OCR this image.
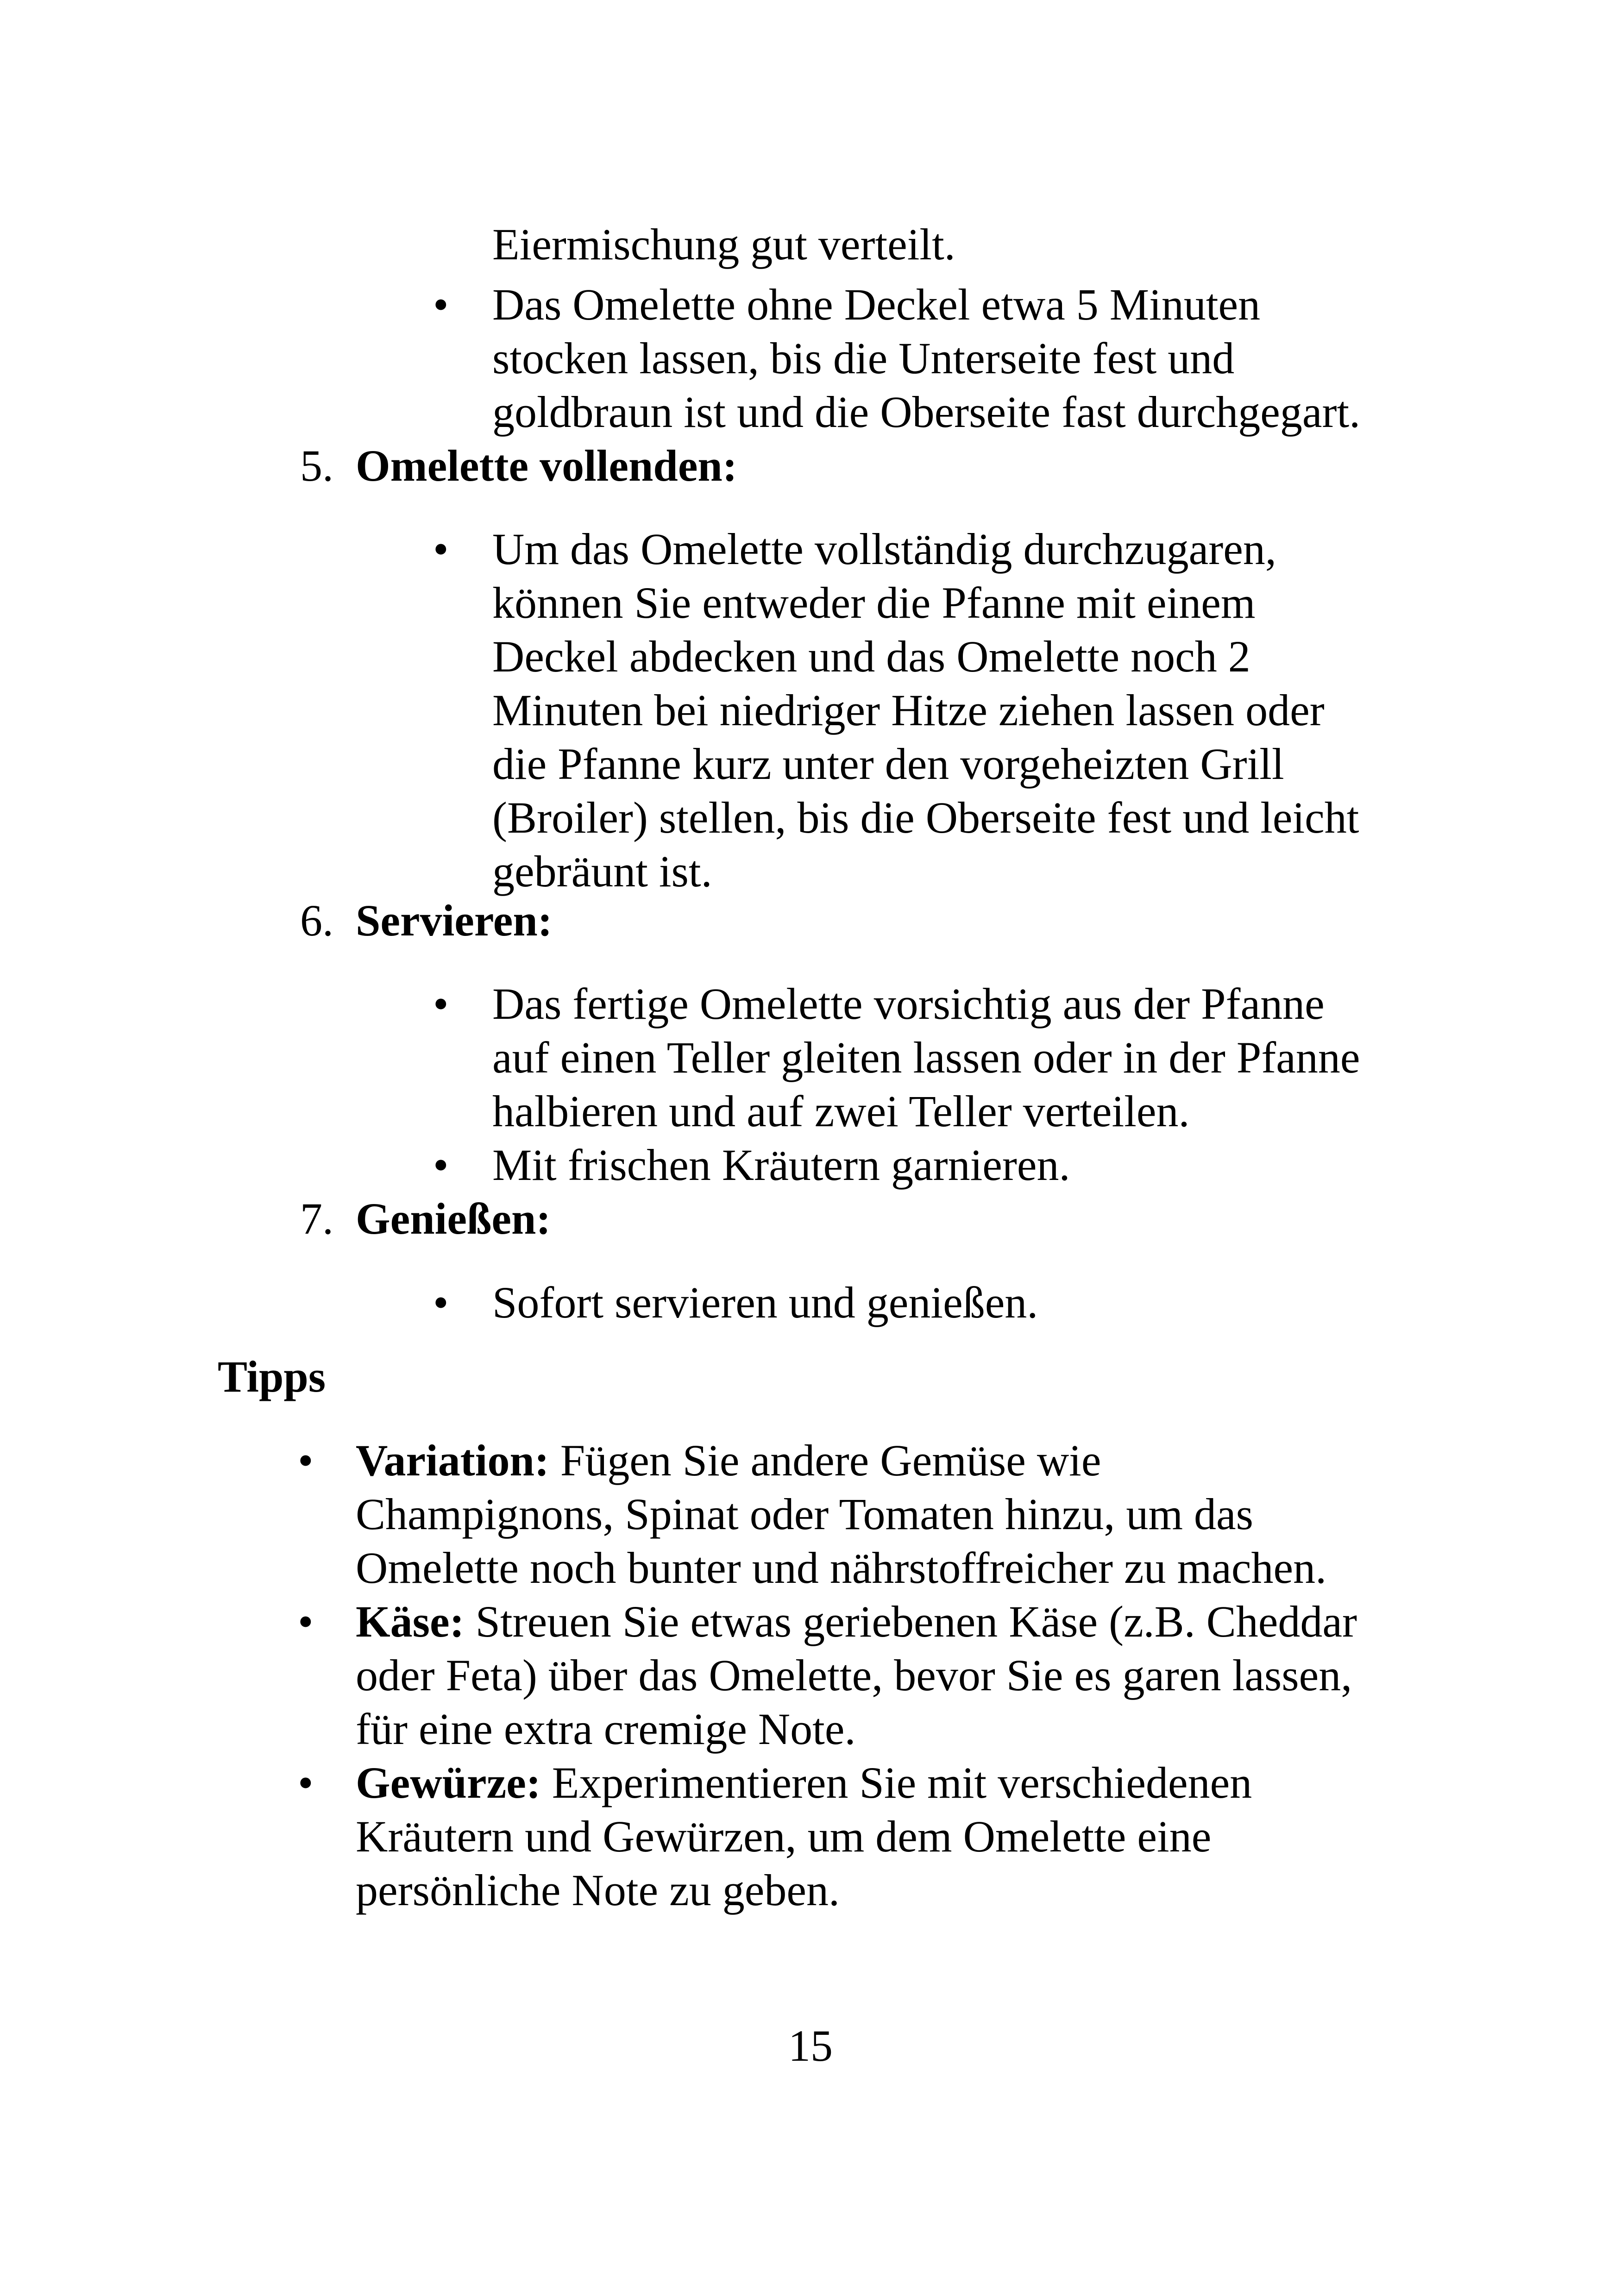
Eiermischung gut verteilt.
• Das Omelette ohne Deckel etwa 5 Minuten
stocken lassen, bis die Unterseite fest und
goldbraun ist und die Oberseite fast durchgegart.
5. Omelette vollenden:
• Um das Omelette vollständig durchzugaren,
können Sie entweder die Pfanne mit einem
Deckel abdecken und das Omelette noch 2
Minuten bei niedriger Hitze ziehen lassen oder
die Pfanne kurz unter den vorgeheizten Grill
(Broiler) stellen, bis die Oberseite fest und leicht
gebräunt ist.
6. Servieren:
• Das fertige Omelette vorsichtig aus der Pfanne
auf einen Teller gleiten lassen oder in der Pfanne
halbieren und auf zwei Teller verteilen.
• Mit frischen Kräutern garnieren.
7. Genießen:
• Sofort servieren und genießen.
Tipps
• Variation: Fügen Sie andere Gemüse wie
Champignons, Spinat oder Tomaten hinzu, um das
Omelette noch bunter und nährstoffreicher zu machen.
• Käse: Streuen Sie etwas geriebenen Käse (z.B. Cheddar
oder Feta) über das Omelette, bevor Sie es garen lassen,
für eine extra cremige Note.
• Gewürze: Experimentieren Sie mit verschiedenen
Kräutern und Gewürzen, um dem Omelette eine
persönliche Note zu geben.
15
